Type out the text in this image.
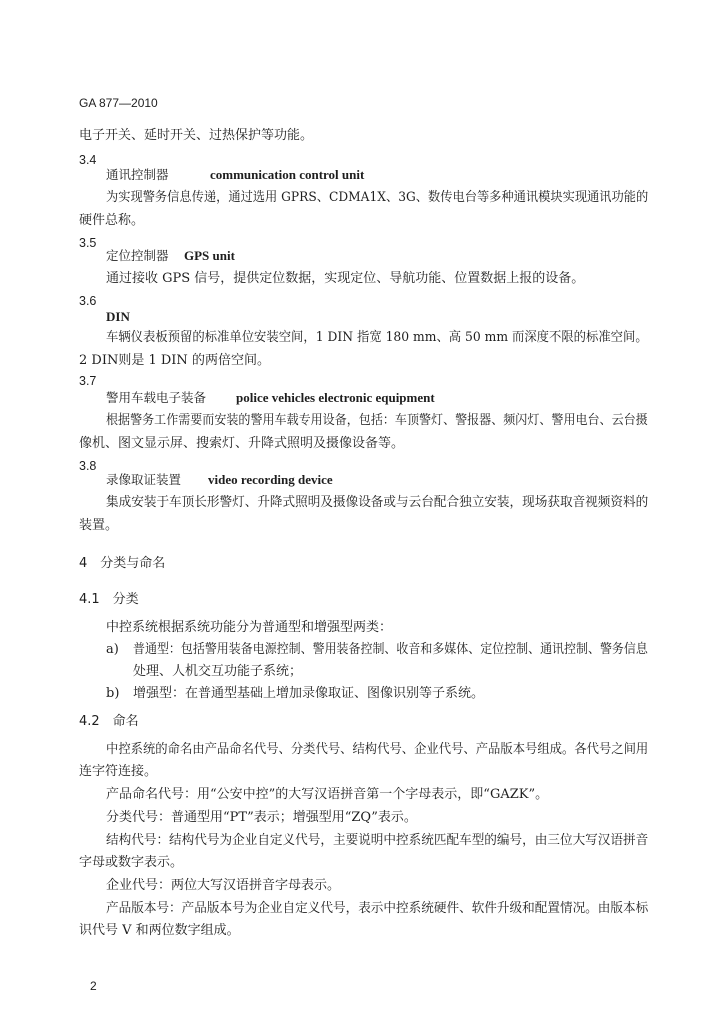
GA 877—2010
电子开关、延时开关、过热保护等功能。
3.4
通讯控制器	communication control unit
为实现警务信息传递，通过选用 GPRS、CDMA1X、3G、数传电台等多种通讯模块实现通讯功能的
硬件总称。
3.5
定位控制器 GPS unit
通过接收 GPS 信号，提供定位数据，实现定位、导航功能、位置数据上报的设备。
3.6
DIN
车辆仪表板预留的标准单位安装空间，1 DIN 指宽 180 mm、高 50 mm 而深度不限的标准空间。
2 DIN则是 1 DIN 的两倍空间。
3.7
警用车载电子装备 police vehicles electronic equipment
根据警务工作需要而安装的警用车载专用设备，包括：车顶警灯、警报器、频闪灯、警用电台、云台摄
像机、图文显示屏、搜索灯、升降式照明及摄像设备等。
3.8
录像取证装置 video recording device
集成安装于车顶长形警灯、升降式照明及摄像设备或与云台配合独立安装，现场获取音视频资料的
装置。
4　分类与命名
4.1　分类
中控系统根据系统功能分为普通型和增强型两类：
a) 普通型：包括警用装备电源控制、警用装备控制、收音和多媒体、定位控制、通讯控制、警务信息
处理、人机交互功能子系统；
b) 增强型：在普通型基础上增加录像取证、图像识别等子系统。
4.2　命名
中控系统的命名由产品命名代号、分类代号、结构代号、企业代号、产品版本号组成。各代号之间用
连字符连接。
产品命名代号：用“公安中控”的大写汉语拼音第一个字母表示，即“GAZK”。
分类代号：普通型用“PT”表示；增强型用“ZQ”表示。
结构代号：结构代号为企业自定义代号，主要说明中控系统匹配车型的编号，由三位大写汉语拼音
字母或数字表示。
企业代号：两位大写汉语拼音字母表示。
产品版本号：产品版本号为企业自定义代号，表示中控系统硬件、软件升级和配置情况。由版本标
识代号 V 和两位数字组成。
2
